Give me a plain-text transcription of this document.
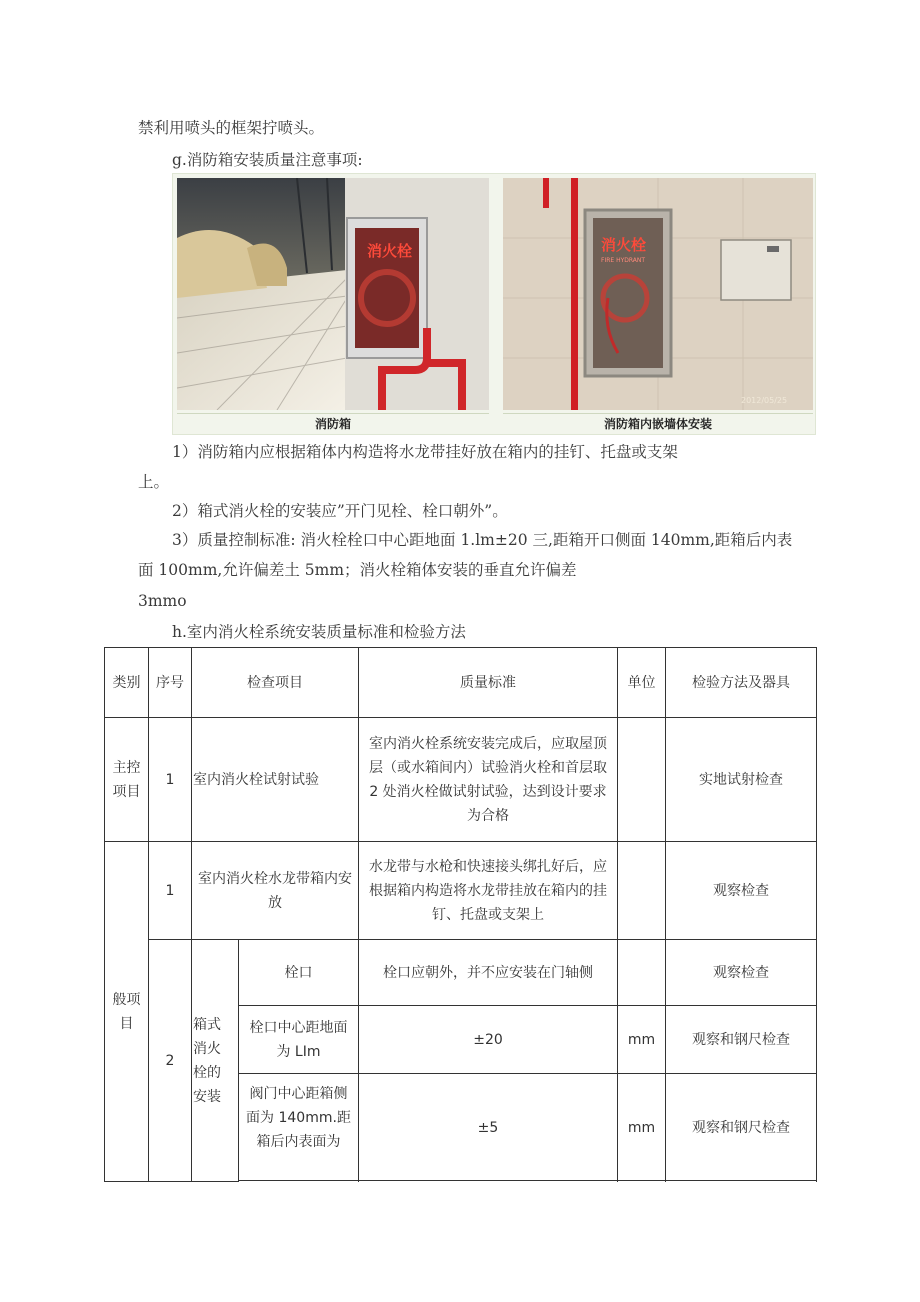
禁利用喷头的框架拧喷头。
g.消防箱安装质量注意事项:
消火栓
消防箱
消火栓
FIRE HYDRANT
2012/05/25
消防箱内嵌墙体安装
1）消防箱内应根据箱体内构造将水龙带挂好放在箱内的挂钉、托盘或支架
上。
2）箱式消火栓的安装应”开门见栓、栓口朝外”。
3）质量控制标准: 消火栓栓口中心距地面 1.lm±20 三,距箱开口侧面 140mm,距箱后内表
面 100mm,允许偏差土 5mm；消火栓箱体安装的垂直允许偏差
3mmo
h.室内消火栓系统安装质量标准和检验方法
类别	序号	检查项目		质量标准	单位	检验方法及器具
主控项目	1	室内消火栓试射试验		室内消火栓系统安装完成后，应取屋顶层（或水箱间内）试验消火栓和首层取 2 处消火栓做试射试验，达到设计要求为合格		实地试射检查
般项目	1	室内消火栓水龙带箱内安放		水龙带与水枪和快速接头绑扎好后，应根据箱内构造将水龙带挂放在箱内的挂钉、托盘或支架上		观察检查
	2	箱式消火栓的安装	栓口	栓口应朝外，并不应安装在门轴侧		观察检查
			栓口中心距地面为 LIm	±20	mm	观察和钢尺检查
			阀门中心距箱侧面为 140mm.距箱后内表面为	±5	mm	观察和钢尺检查
